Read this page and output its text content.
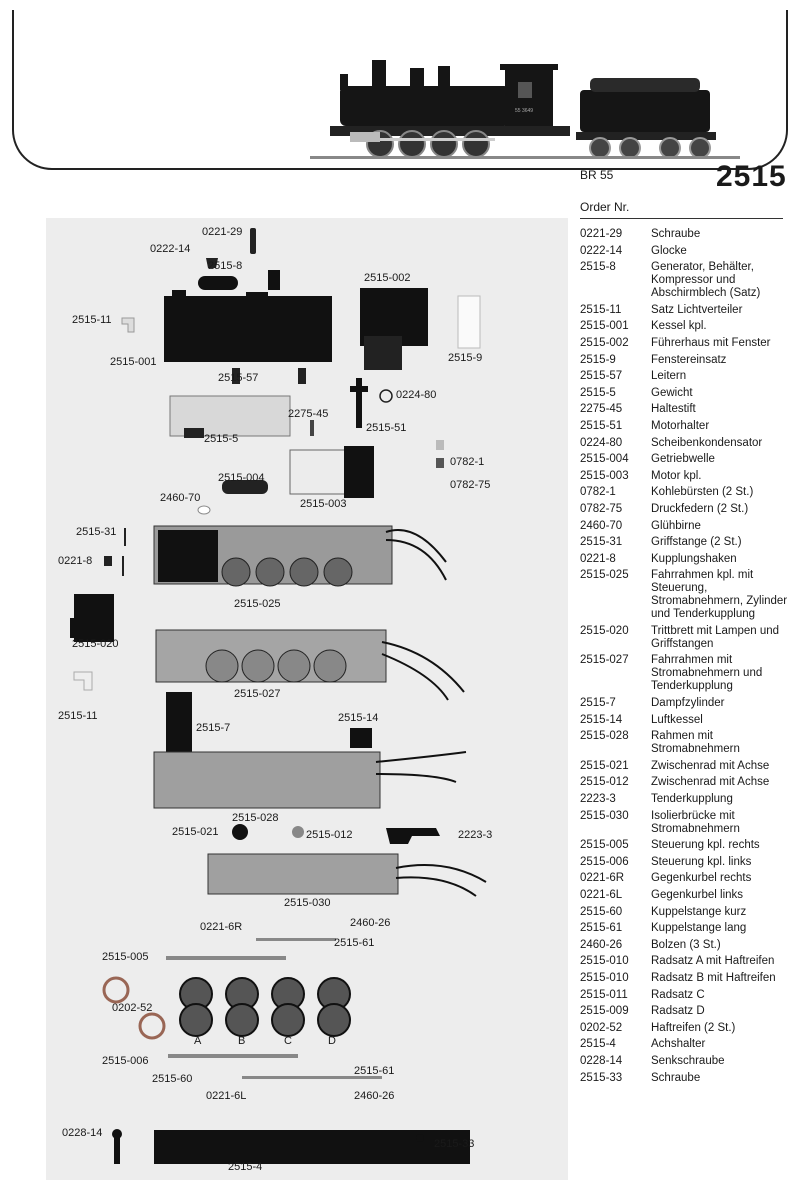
55 3649
BR 55	2515
Order Nr.
0221-29	Schraube
0222-14	Glocke
2515-8	Generator, Behälter, Kompressor und Abschirmblech (Satz)
2515-11	Satz Lichtverteiler
2515-001	Kessel kpl.
2515-002	Führerhaus mit Fenster
2515-9	Fenstereinsatz
2515-57	Leitern
2515-5	Gewicht
2275-45	Haltestift
2515-51	Motorhalter
0224-80	Scheibenkondensator
2515-004	Getriebwelle
2515-003	Motor kpl.
0782-1	Kohlebürsten (2 St.)
0782-75	Druckfedern (2 St.)
2460-70	Glühbirne
2515-31	Griffstange (2 St.)
0221-8	Kupplungshaken
2515-025	Fahrrahmen kpl. mit Steuerung, Stromabnehmern, Zylinder und Tenderkupplung
2515-020	Trittbrett mit Lampen und Griffstangen
2515-027	Fahrrahmen mit Stromabnehmern und Tenderkupplung
2515-7	Dampfzylinder
2515-14	Luftkessel
2515-028	Rahmen mit Stromabnehmern
2515-021	Zwischenrad mit Achse
2515-012	Zwischenrad mit Achse
2223-3	Tenderkupplung
2515-030	Isolierbrücke mit Stromabnehmern
2515-005	Steuerung kpl. rechts
2515-006	Steuerung kpl. links
0221-6R	Gegenkurbel rechts
0221-6L	Gegenkurbel links
2515-60	Kuppelstange kurz
2515-61	Kuppelstange lang
2460-26	Bolzen (3 St.)
2515-010	Radsatz A mit Haftreifen
2515-010	Radsatz B mit Haftreifen
2515-011	Radsatz C
2515-009	Radsatz D
0202-52	Haftreifen (2 St.)
2515-4	Achshalter
0228-14	Senkschraube
2515-33	Schraube
0221-29
0222-14
2515-8
2515-002
2515-11
2515-001	2515-9
2515-57
0224-80
2275-45
2515-5
2515-51
0782-1
2515-004
0782-75
2460-70	2515-003
2515-31
0221-8
2515-025
2515-020
2515-027
2515-11
2515-7
2515-14
2515-028
2515-021	2515-012	2223-3
2515-030
0221-6R	2460-26
2515-61
2515-005
0202-52
A	B	C	D
2515-006
2515-61
2515-60
0221-6L	2460-26
0228-14
2515-33
2515-4
